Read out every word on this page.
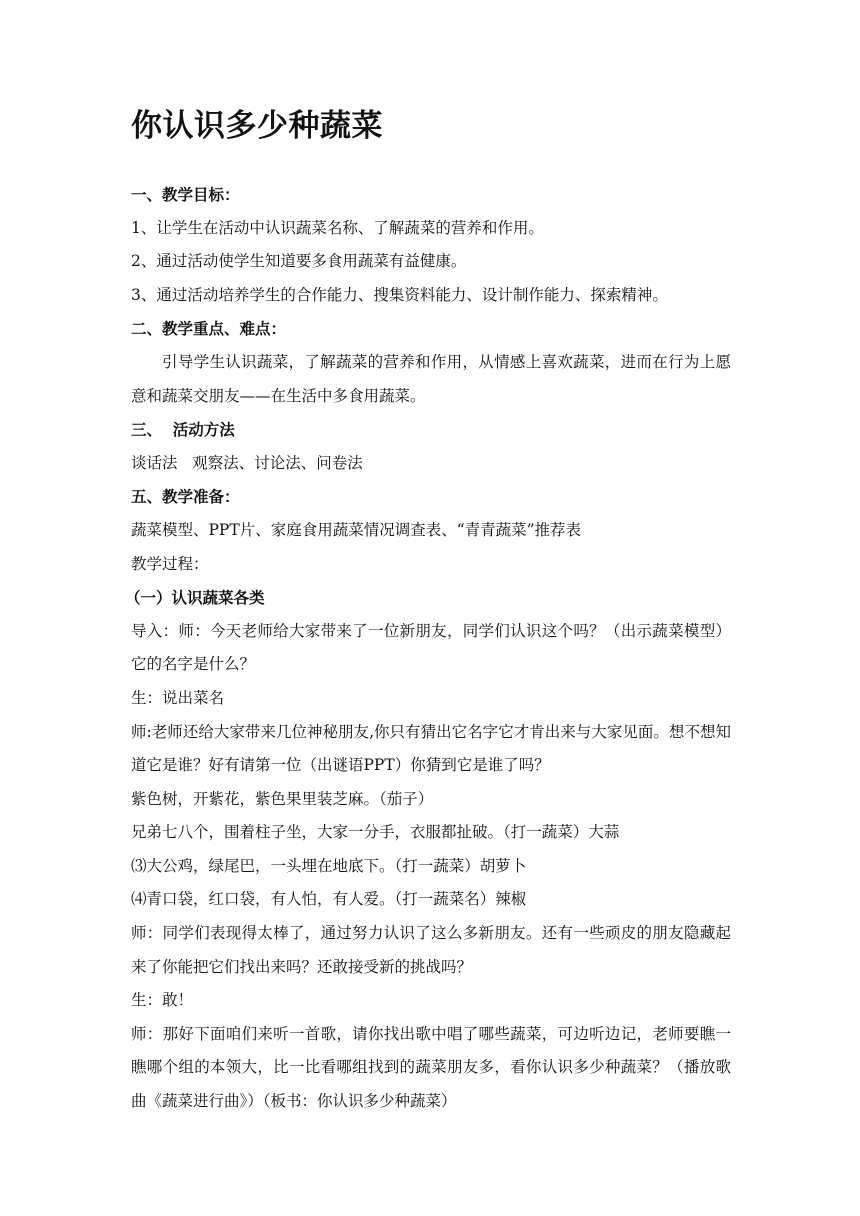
你认识多少种蔬菜

一、教学目标：

1、让学生在活动中认识蔬菜名称、了解蔬菜的营养和作用。

2、通过活动使学生知道要多食用蔬菜有益健康。

3、通过活动培养学生的合作能力、搜集资料能力、设计制作能力、探索精神。

二、教学重点、难点：

引导学生认识蔬菜，了解蔬菜的营养和作用，从情感上喜欢蔬菜，进而在行为上愿意和蔬菜交朋友——在生活中多食用蔬菜。

三、  活动方法

谈话法   观察法、讨论法、问卷法

五、教学准备：

蔬菜模型、PPT片、家庭食用蔬菜情况调查表、“青青蔬菜”推荐表

教学过程：

（一）认识蔬菜各类

导入：师：今天老师给大家带来了一位新朋友，同学们认识这个吗？（出示蔬菜模型）它的名字是什么？

生：说出菜名

师:老师还给大家带来几位神秘朋友,你只有猜出它名字它才肯出来与大家见面。想不想知道它是谁？好有请第一位（出谜语PPT）你猜到它是谁了吗？

紫色树，开紫花，紫色果里装芝麻。（茄子）

兄弟七八个，围着柱子坐，大家一分手，衣服都扯破。（打一蔬菜）大蒜

⑶大公鸡，绿尾巴，一头埋在地底下。（打一蔬菜）胡萝卜

⑷青口袋，红口袋，有人怕，有人爱。（打一蔬菜名）辣椒

师：同学们表现得太棒了，通过努力认识了这么多新朋友。还有一些顽皮的朋友隐藏起来了你能把它们找出来吗？还敢接受新的挑战吗？

生：敢！

师：那好下面咱们来听一首歌，请你找出歌中唱了哪些蔬菜，可边听边记，老师要瞧一瞧哪个组的本领大，比一比看哪组找到的蔬菜朋友多，看你认识多少种蔬菜？（播放歌曲《蔬菜进行曲》）（板书：你认识多少种蔬菜）
